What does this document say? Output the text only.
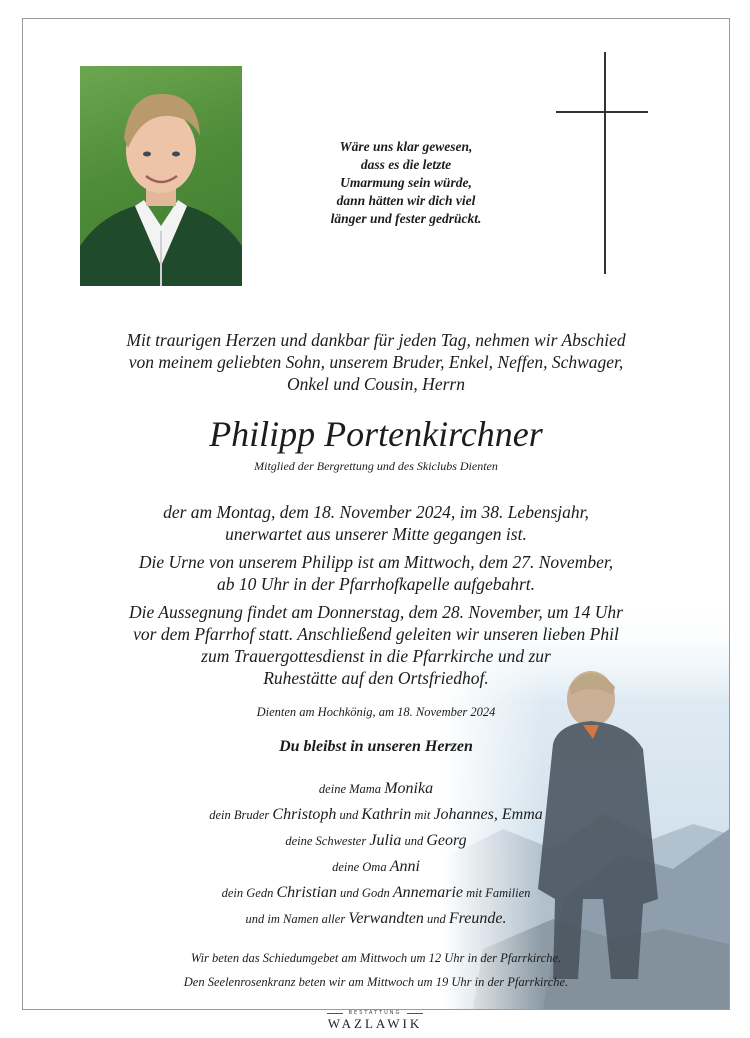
Wäre uns klar gewesen,
dass es die letzte
Umarmung sein würde,
dann hätten wir dich viel
länger und fester gedrückt.
Mit traurigen Herzen und dankbar für jeden Tag, nehmen wir Abschied
von meinem geliebten Sohn, unserem Bruder, Enkel, Neffen, Schwager,
Onkel und Cousin, Herrn
Philipp Portenkirchner
Mitglied der Bergrettung und des Skiclubs Dienten
der am Montag, dem 18. November 2024, im 38. Lebensjahr,
unerwartet aus unserer Mitte gegangen ist.
Die Urne von unserem Philipp ist am Mittwoch, dem 27. November,
ab 10 Uhr in der Pfarrhofkapelle aufgebahrt.
Die Aussegnung findet am Donnerstag, dem 28. November, um 14 Uhr
vor dem Pfarrhof statt. Anschließend geleiten wir unseren lieben Phil
zum Trauergottesdienst in die Pfarrkirche und zur
Ruhestätte auf den Ortsfriedhof.
Dienten am Hochkönig, am 18. November 2024
Du bleibst in unseren Herzen
deine Mama Monika
dein Bruder Christoph und Kathrin mit Johannes, Emma
deine Schwester Julia und Georg
deine Oma Anni
dein Gedn Christian und Godn Annemarie mit Familien
und im Namen aller Verwandten und Freunde.
Wir beten das Schiedumgebet am Mittwoch um 12 Uhr in der Pfarrkirche.
Den Seelenrosenkranz beten wir am Mittwoch um 19 Uhr in der Pfarrkirche.
BESTATTUNG
WAZLAWIK
